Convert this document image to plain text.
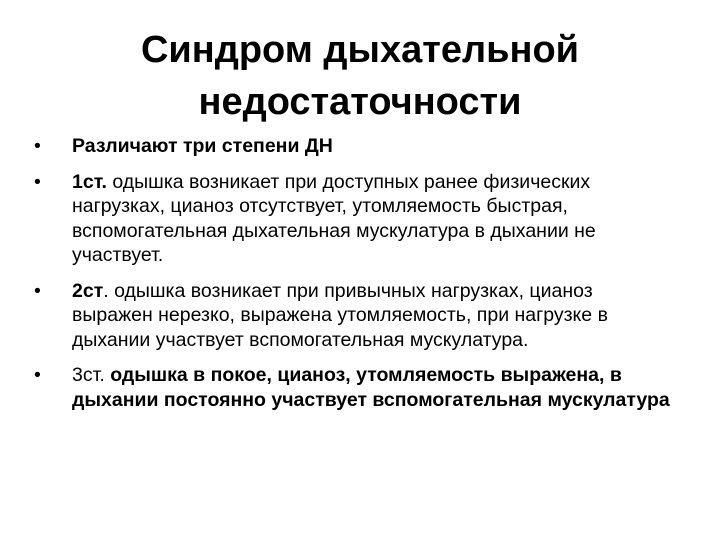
Синдром дыхательной
недостаточности
• Различают три степени ДН
• 1ст. одышка возникает при доступных ранее физических нагрузках, цианоз отсутствует, утомляемость быстрая, вспомогательная дыхательная мускулатура в дыхании не участвует.
• 2ст. одышка возникает при привычных нагрузках, цианоз выражен нерезко, выражена утомляемость, при нагрузке в дыхании участвует вспомогательная мускулатура.
• 3ст. одышка в покое, цианоз, утомляемость выражена, в дыхании постоянно участвует вспомогательная мускулатура
